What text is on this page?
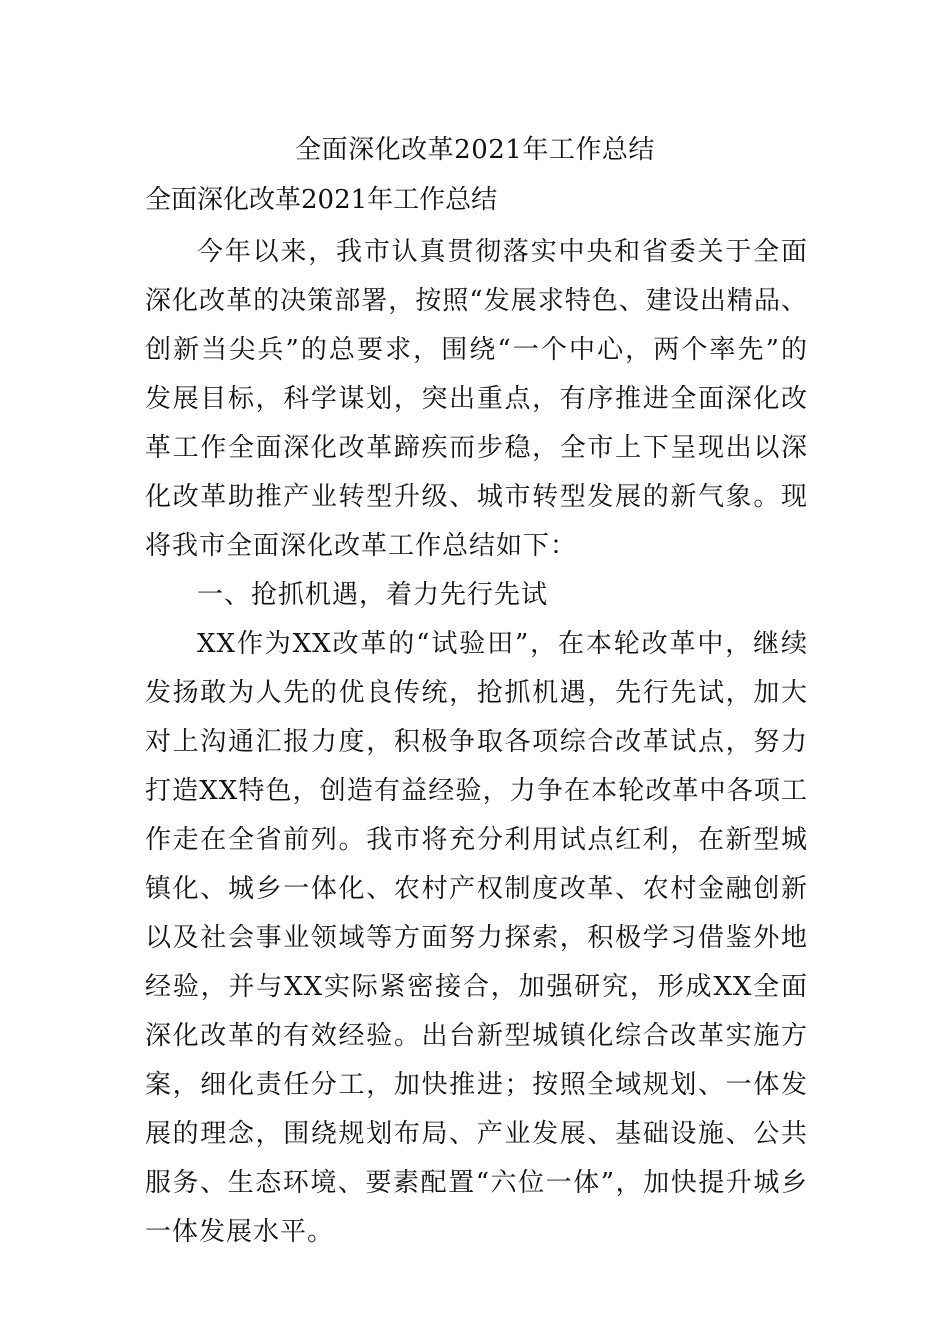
全面深化改革2021年工作总结

全面深化改革2021年工作总结

今年以来，我市认真贯彻落实中央和省委关于全面深化改革的决策部署，按照“发展求特色、建设出精品、创新当尖兵”的总要求，围绕“一个中心，两个率先”的发展目标，科学谋划，突出重点，有序推进全面深化改革工作全面深化改革蹄疾而步稳，全市上下呈现出以深化改革助推产业转型升级、城市转型发展的新气象。现将我市全面深化改革工作总结如下：

一、抢抓机遇，着力先行先试

XX作为XX改革的“试验田”，在本轮改革中，继续发扬敢为人先的优良传统，抢抓机遇，先行先试，加大对上沟通汇报力度，积极争取各项综合改革试点，努力打造XX特色，创造有益经验，力争在本轮改革中各项工作走在全省前列。我市将充分利用试点红利，在新型城镇化、城乡一体化、农村产权制度改革、农村金融创新以及社会事业领域等方面努力探索，积极学习借鉴外地经验，并与XX实际紧密接合，加强研究，形成XX全面深化改革的有效经验。出台新型城镇化综合改革实施方案，细化责任分工，加快推进；按照全域规划、一体发展的理念，围绕规划布局、产业发展、基础设施、公共服务、生态环境、要素配置“六位一体”，加快提升城乡一体发展水平。
